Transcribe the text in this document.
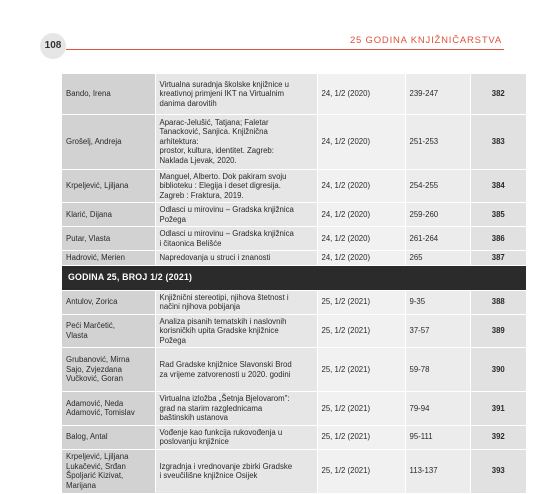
108	25 GODINA KNJIŽNIČARSTVA
Bando, Irena	Virtualna suradnja školske knjižnice u
kreativnoj primjeni IKT na Virtualnim
danima darovitih	24, 1/2 (2020)	239-247	382
Grošelj, Andreja	Aparac-Jelušić, Tatjana; Faletar
Tanacković, Sanjica. Knjižnična
arhitektura:
prostor, kultura, identitet. Zagreb:
Naklada Ljevak, 2020.	24, 1/2 (2020)	251-253	383
Krpeljević, Ljiljana	Manguel, Alberto. Dok pakiram svoju
biblioteku : Elegija i deset digresija.
Zagreb : Fraktura, 2019.	24, 1/2 (2020)	254-255	384
Klarić, Dijana	Odlasci u mirovinu – Gradska knjižnica
Požega	24, 1/2 (2020)	259-260	385
Putar, Vlasta	Odlasci u mirovinu – Gradska knjižnica
i čitaonica Belišće	24, 1/2 (2020)	261-264	386
Hadrović, Merien	Napredovanja u struci i znanosti	24, 1/2 (2020)	265	387
GODINA 25, BROJ 1/2 (2021)				
Antulov, Zorica	Knjižnični stereotipi, njihova štetnost i
načini njihova pobijanja	25, 1/2 (2021)	9-35	388
Peći Marčetić,
Vlasta	Analiza pisanih tematskih i naslovnih
korisničkih upita Gradske knjižnice
Požega	25, 1/2 (2021)	37-57	389
Grubanović, Mirna
Sajo, Zvjezdana
Vučković, Goran	Rad Gradske knjižnice Slavonski Brod
za vrijeme zatvorenosti u 2020. godini	25, 1/2 (2021)	59-78	390
Adamović, Neda
Adamović, Tomislav	Virtualna izložba „Šetnja Bjelovarom":
grad na starim razglednicama
baštinskih ustanova	25, 1/2 (2021)	79-94	391
Balog, Antal	Vođenje kao funkcija rukovođenja u
poslovanju knjižnice	25, 1/2 (2021)	95-111	392
Krpeljević, Ljiljana
Lukačević, Srđan
Špoljarić Kizivat,
Marijana	Izgradnja i vrednovanje zbirki Gradske
i sveučilišne knjižnice Osijek	25, 1/2 (2021)	113-137	393
